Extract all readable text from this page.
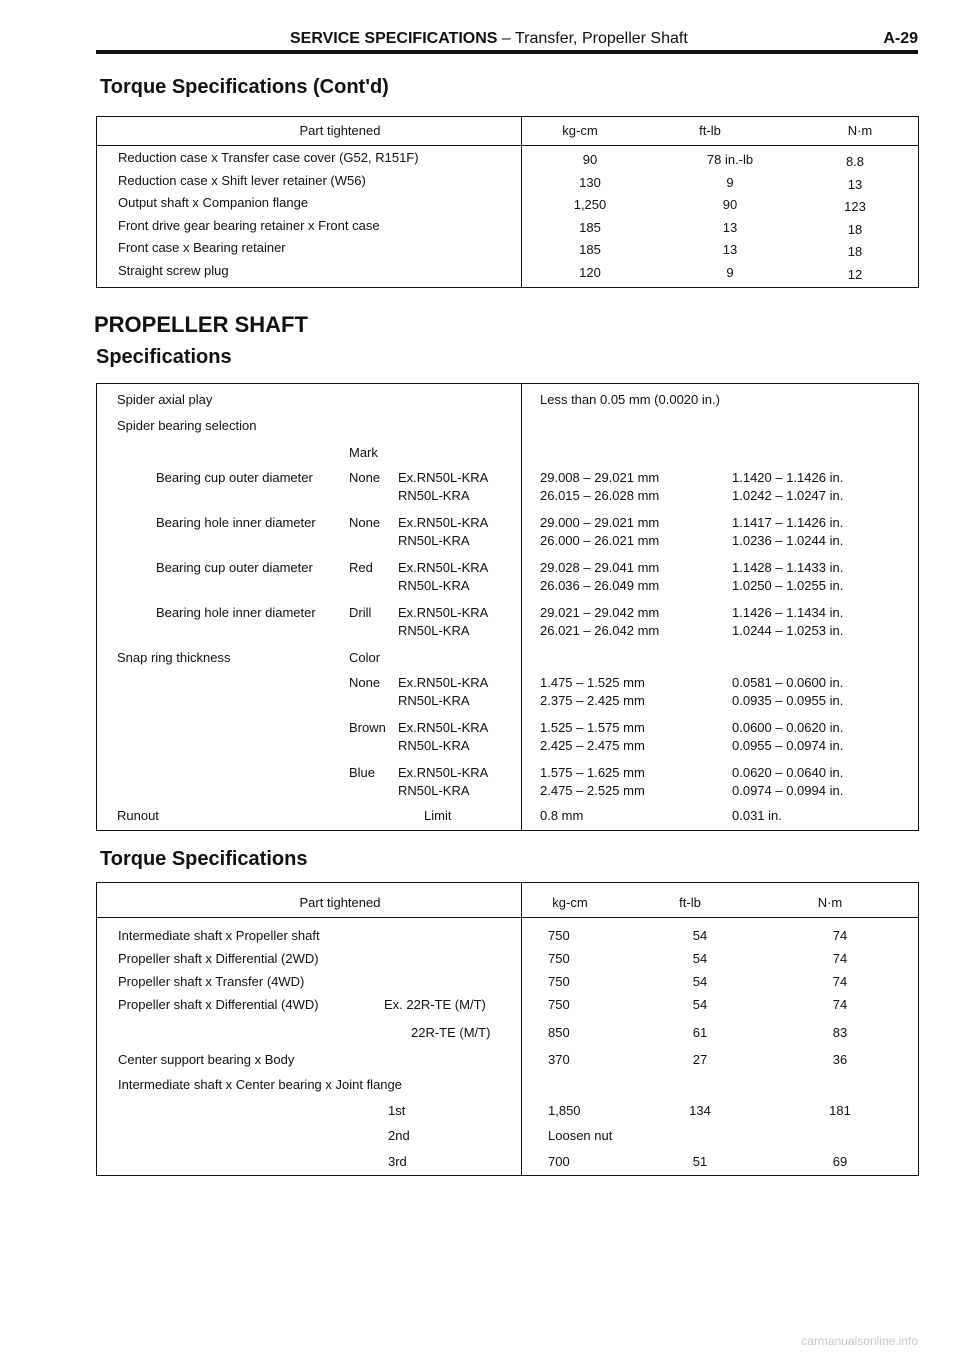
SERVICE SPECIFICATIONS – Transfer, Propeller Shaft	A-29
Torque Specifications (Cont'd)
Part tightened	kg-cm	ft-lb	N·m
Reduction case x Transfer case cover (G52, R151F)	90	78 in.-lb	8.8
Reduction case x Shift lever retainer (W56)	130	9	13
Output shaft x Companion flange	1,250	90	123
Front drive gear bearing retainer x Front case	185	13	18
Front case x Bearing retainer	185	13	18
Straight screw plug	120	9	12
PROPELLER SHAFT
Specifications
Spider axial play	Less than 0.05 mm (0.0020 in.)
Spider bearing selection
Mark
Bearing cup outer diameter	None Ex.RN50L-KRA	29.008 – 29.021 mm	1.1420 – 1.1426 in.
RN50L-KRA	26.015 – 26.028 mm	1.0242 – 1.0247 in.
Bearing hole inner diameter	None Ex.RN50L-KRA	29.000 – 29.021 mm	1.1417 – 1.1426 in.
RN50L-KRA	26.000 – 26.021 mm	1.0236 – 1.0244 in.
Bearing cup outer diameter	Red Ex.RN50L-KRA	29.028 – 29.041 mm	1.1428 – 1.1433 in.
RN50L-KRA	26.036 – 26.049 mm	1.0250 – 1.0255 in.
Bearing hole inner diameter	Drill Ex.RN50L-KRA	29.021 – 29.042 mm	1.1426 – 1.1434 in.
RN50L-KRA	26.021 – 26.042 mm	1.0244 – 1.0253 in.
Snap ring thickness	Color
None Ex.RN50L-KRA	1.475 – 1.525 mm	0.0581 – 0.0600 in.
RN50L-KRA	2.375 – 2.425 mm	0.0935 – 0.0955 in.
Brown Ex.RN50L-KRA	1.525 – 1.575 mm	0.0600 – 0.0620 in.
RN50L-KRA	2.425 – 2.475 mm	0.0955 – 0.0974 in.
Blue Ex.RN50L-KRA	1.575 – 1.625 mm	0.0620 – 0.0640 in.
RN50L-KRA	2.475 – 2.525 mm	0.0974 – 0.0994 in.
Runout	Limit	0.8 mm	0.031 in.
Torque Specifications
Part tightened	kg-cm	ft-lb	N·m
Intermediate shaft x Propeller shaft	750	54	74
Propeller shaft x Differential (2WD)	750	54	74
Propeller shaft x Transfer (4WD)	750	54	74
Propeller shaft x Differential (4WD)	Ex. 22R-TE (M/T)	750	54	74
22R-TE (M/T)	850	61	83
Center support bearing x Body	370	27	36
Intermediate shaft x Center bearing x Joint flange
1st	1,850	134	181
2nd	Loosen nut
3rd	700	51	69
carmanualsonline.info
